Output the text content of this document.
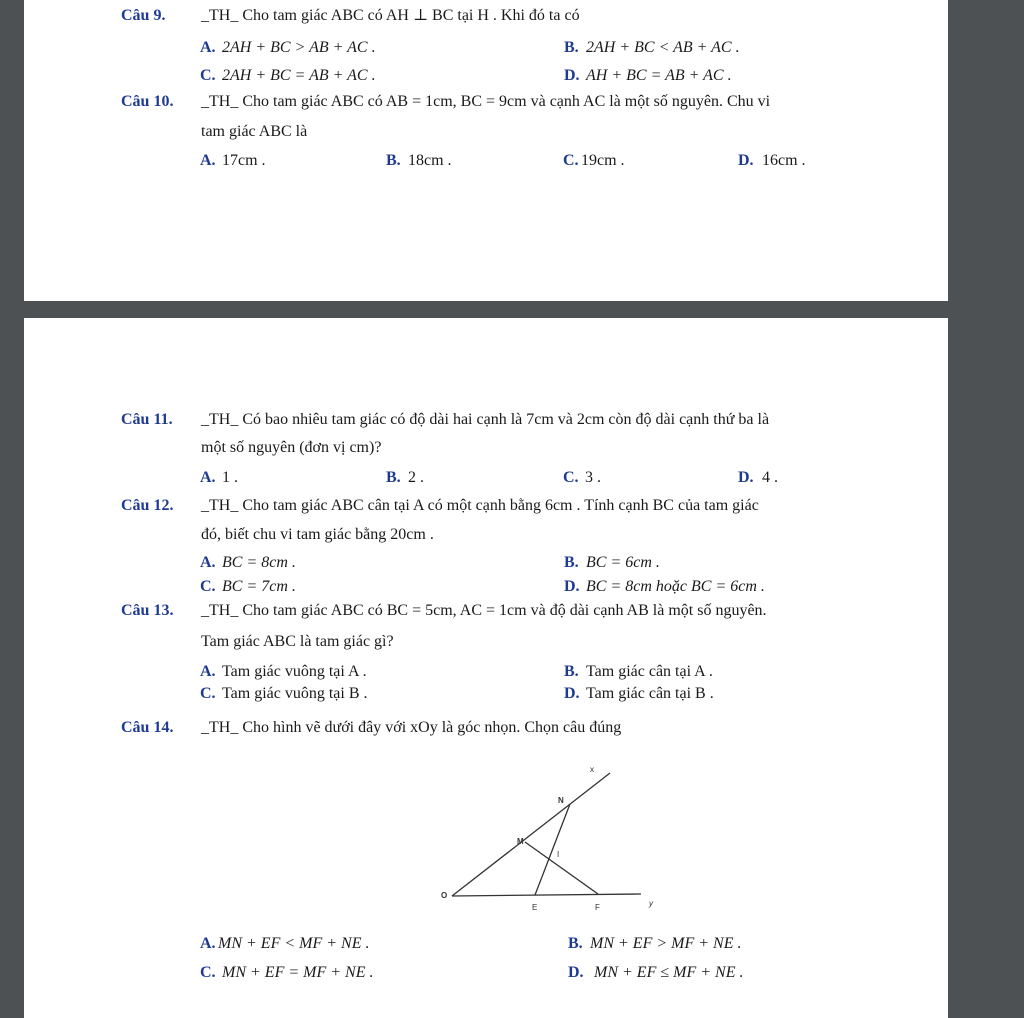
Câu 9. _TH_ Cho tam giác ABC có AH ⊥ BC tại H . Khi đó ta có
A. 2AH + BC > AB + AC .	B. 2AH + BC < AB + AC .
C. 2AH + BC = AB + AC .	D. AH + BC = AB + AC .
Câu 10. _TH_ Cho tam giác ABC có AB = 1cm, BC = 9cm và cạnh AC là một số nguyên. Chu vi
tam giác ABC là
A. 17cm .	B. 18cm .	C. 19cm .	D. 16cm .
Câu 11. _TH_ Có bao nhiêu tam giác có độ dài hai cạnh là 7cm và 2cm còn độ dài cạnh thứ ba là
một số nguyên (đơn vị cm)?
A. 1 .	B. 2 .	C. 3 .	D. 4 .
Câu 12. _TH_ Cho tam giác ABC cân tại A có một cạnh bằng 6cm . Tính cạnh BC của tam giác
đó, biết chu vi tam giác bằng 20cm .
A. BC = 8cm .	B. BC = 6cm .
C. BC = 7cm .	D. BC = 8cm hoặc BC = 6cm .
Câu 13. _TH_ Cho tam giác ABC có BC = 5cm, AC = 1cm và độ dài cạnh AB là một số nguyên.
Tam giác ABC là tam giác gì?
A. Tam giác vuông tại A .	B. Tam giác cân tại A .
C. Tam giác vuông tại B .	D. Tam giác cân tại B .
Câu 14. _TH_ Cho hình vẽ dưới đây với xOy là góc nhọn. Chọn câu đúng
x
N
M
I
O
E	F	y
A. MN + EF < MF + NE .	B. MN + EF > MF + NE .
C. MN + EF = MF + NE .	D. MN + EF ≤ MF + NE .
